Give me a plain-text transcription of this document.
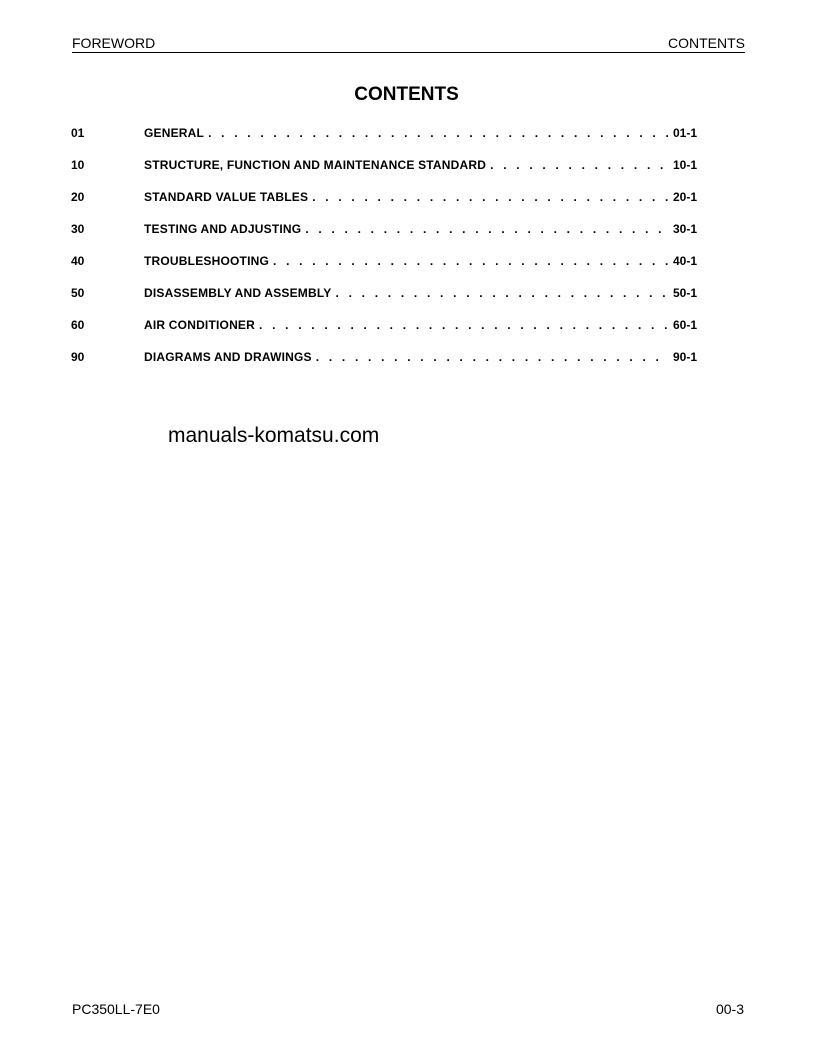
FOREWORD	CONTENTS
CONTENTS
01	GENERAL . . .	01-1
10	STRUCTURE, FUNCTION AND MAINTENANCE STANDARD . . .	10-1
20	STANDARD VALUE TABLES . . .	20-1
30	TESTING AND ADJUSTING . . .	30-1
40	TROUBLESHOOTING . . .	40-1
50	DISASSEMBLY AND ASSEMBLY . . .	50-1
60	AIR CONDITIONER . . .	60-1
90	DIAGRAMS AND DRAWINGS . . .	90-1
manuals-komatsu.com
PC350LL-7E0	00-3
